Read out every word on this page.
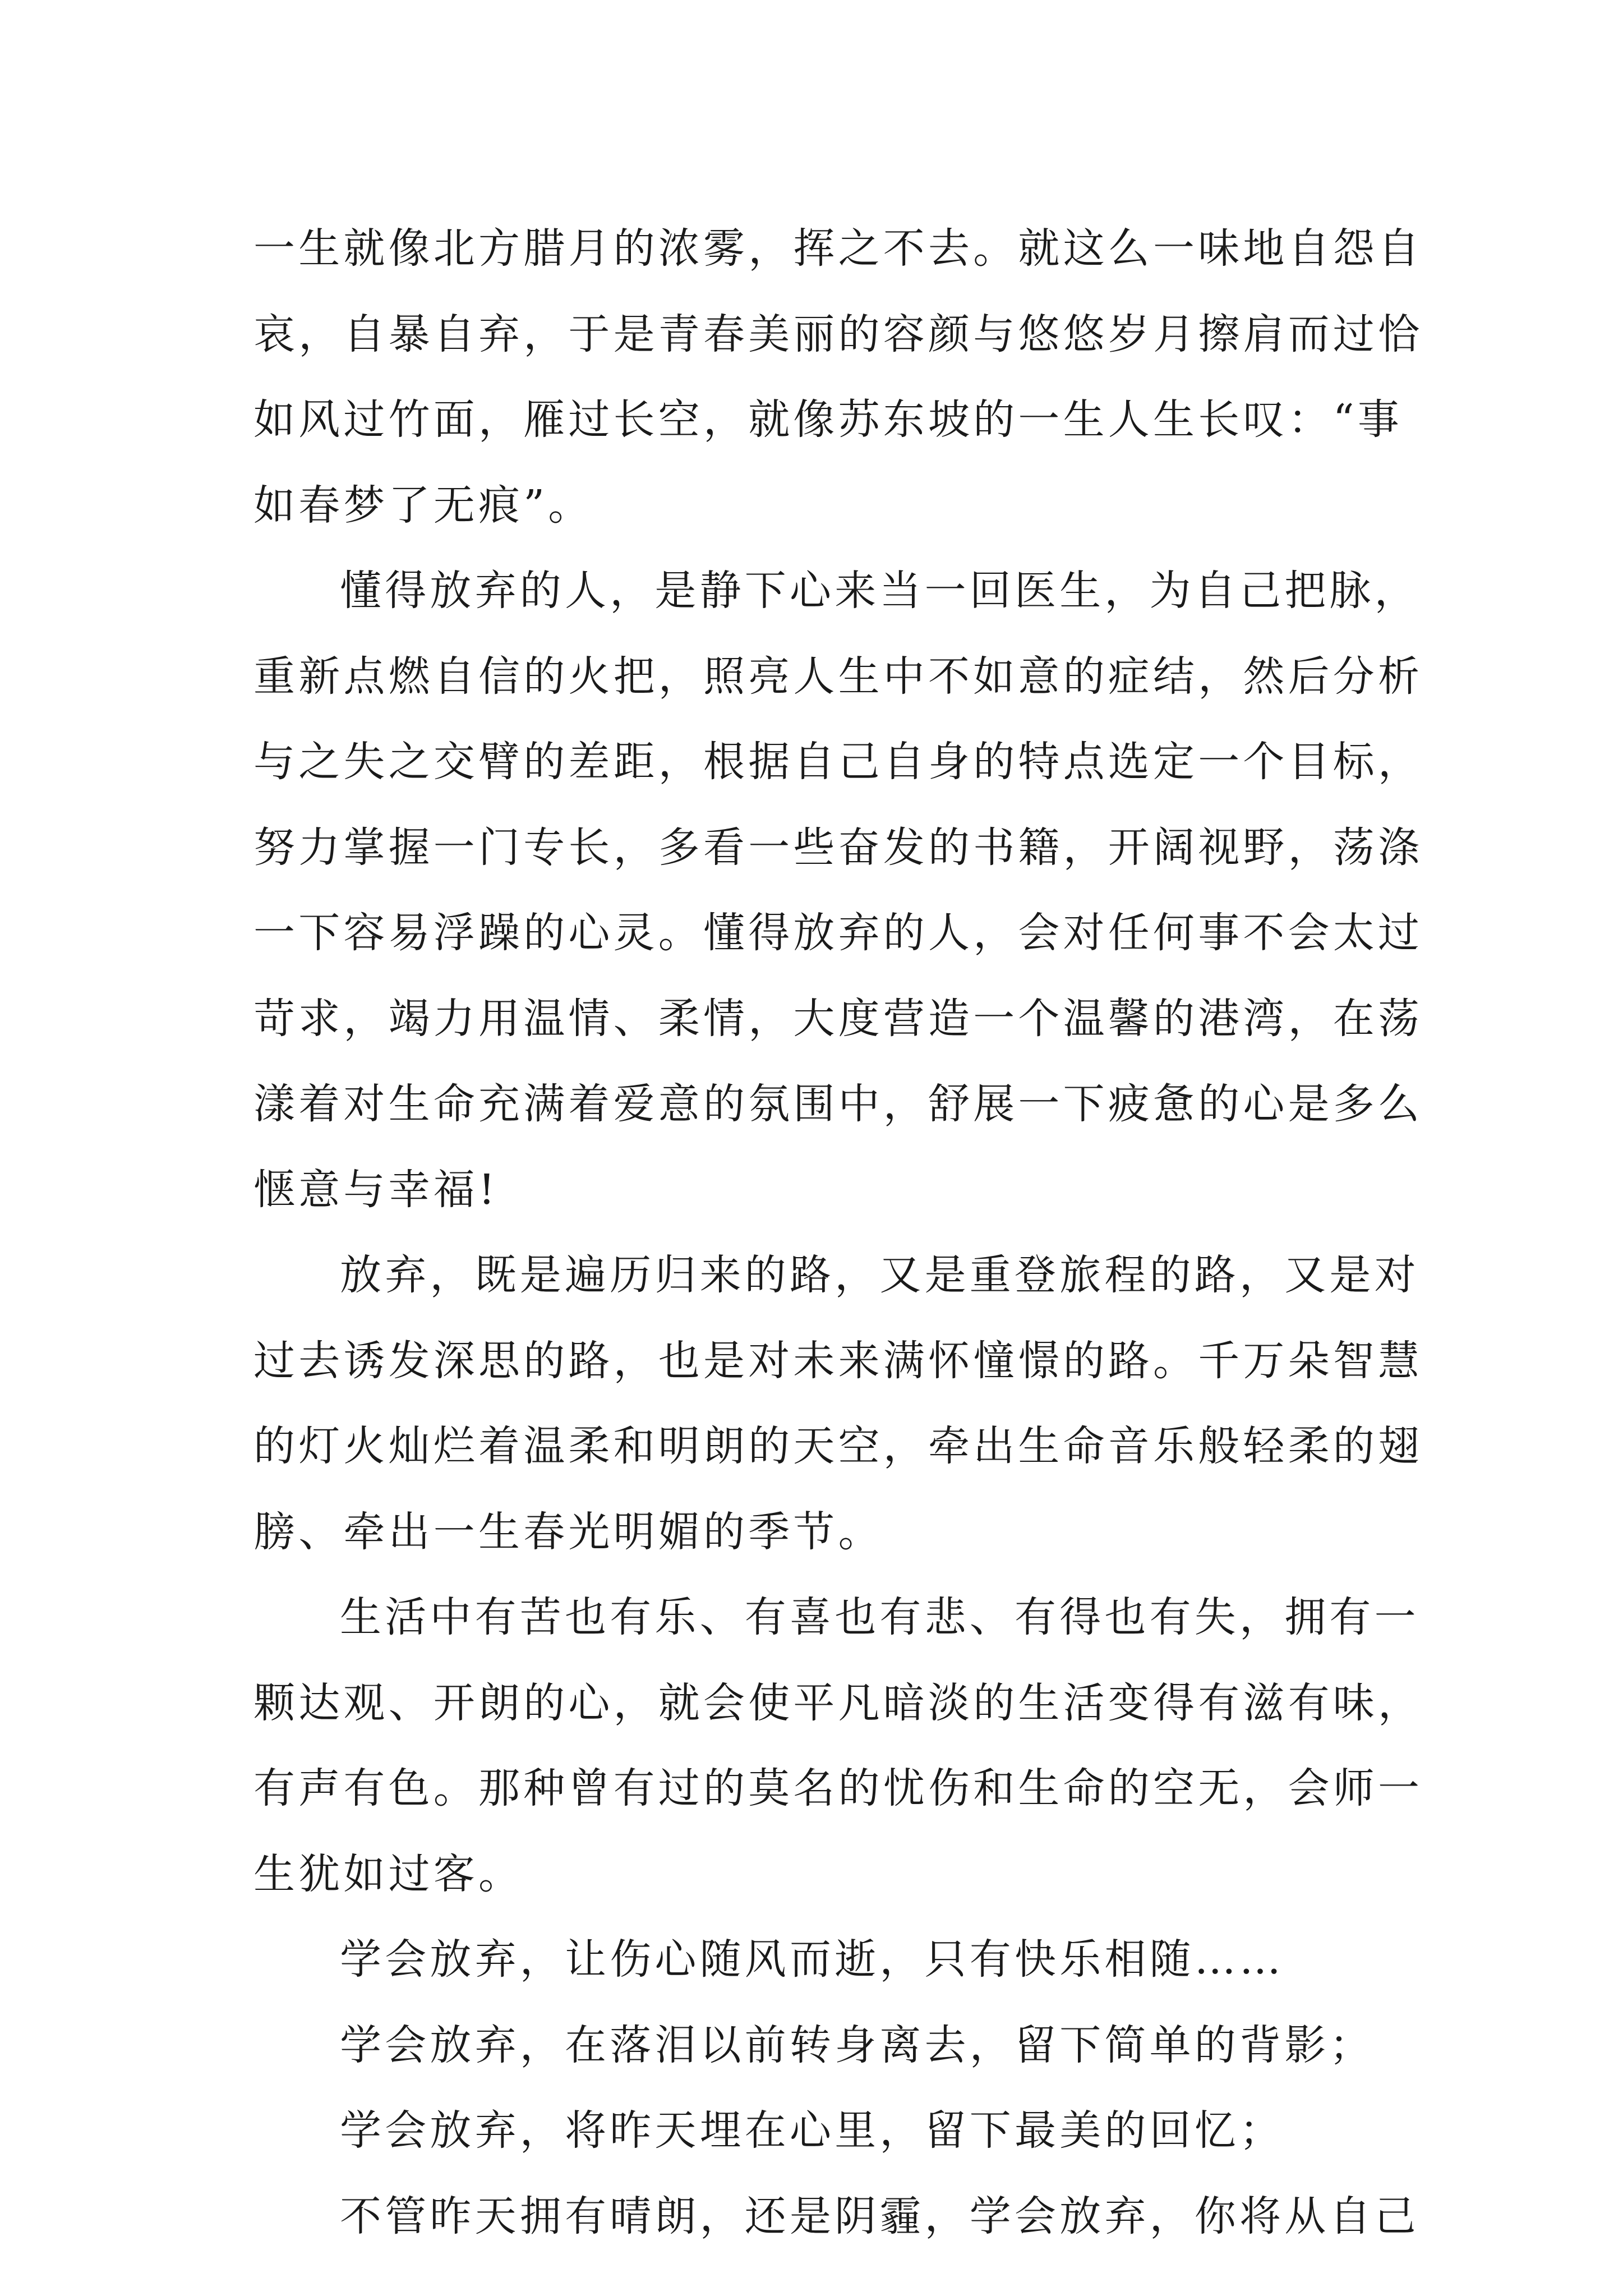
一生就像北方腊月的浓雾，挥之不去。就这么一味地自怨自
哀，自暴自弃，于是青春美丽的容颜与悠悠岁月擦肩而过恰
如风过竹面，雁过长空，就像苏东坡的一生人生长叹：“事
如春梦了无痕”。
懂得放弃的人，是静下心来当一回医生，为自己把脉，
重新点燃自信的火把，照亮人生中不如意的症结，然后分析
与之失之交臂的差距，根据自己自身的特点选定一个目标，
努力掌握一门专长，多看一些奋发的书籍，开阔视野，荡涤
一下容易浮躁的心灵。懂得放弃的人，会对任何事不会太过
苛求，竭力用温情、柔情，大度营造一个温馨的港湾，在荡
漾着对生命充满着爱意的氛围中，舒展一下疲惫的心是多么
惬意与幸福!
放弃，既是遍历归来的路，又是重登旅程的路，又是对
过去诱发深思的路，也是对未来满怀憧憬的路。千万朵智慧
的灯火灿烂着温柔和明朗的天空，牵出生命音乐般轻柔的翅
膀、牵出一生春光明媚的季节。
生活中有苦也有乐、有喜也有悲、有得也有失，拥有一
颗达观、开朗的心，就会使平凡暗淡的生活变得有滋有味，
有声有色。那种曾有过的莫名的忧伤和生命的空无，会师一
生犹如过客。
学会放弃，让伤心随风而逝，只有快乐相随……
学会放弃，在落泪以前转身离去，留下简单的背影；
学会放弃，将昨天埋在心里，留下最美的回忆；
不管昨天拥有晴朗，还是阴霾，学会放弃，你将从自己
